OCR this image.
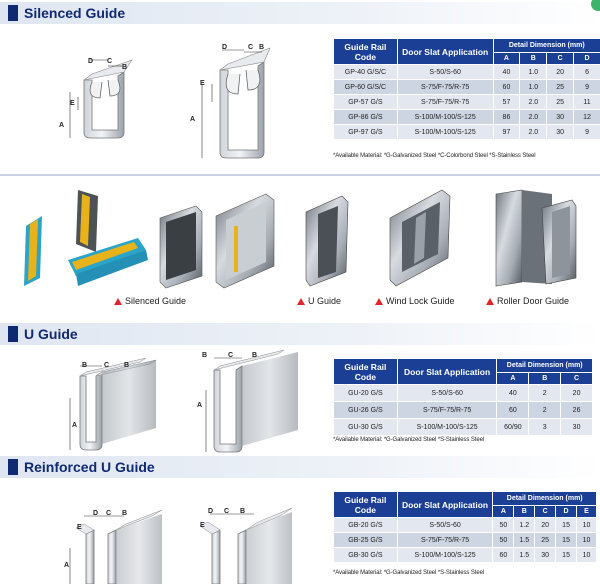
Silenced Guide
A
D C
B
E
A
D	C B
E
Guide Rail Code	Door Slat Application	Detail Dimension (mm)			
		A	B	C	D
GP-40 G/S/C	S-50/S-60	40	1.0	20	6
GP-60 G/S/C	S-75/F-75/R-75	60	1.0	25	9
GP-57 G/S	S-75/F-75/R-75	57	2.0	25	11
GP-86 G/S	S-100/M-100/S-125	86	2.0	30	12
GP-97 G/S	S-100/M-100/S-125	97	2.0	30	9
*Available Material: *G-Galvanized Steel *C-Colorbond Steel *S-Stainless Steel
Silenced Guide	U Guide	Wind Lock Guide	Roller Door Guide
U Guide
A
B C B
A
B	C	B
Guide Rail Code	Door Slat Application	Detail Dimension (mm)		
		A	B	C
GU-20 G/S	S-50/S-60	40	2	20
GU-26 G/S	S-75/F-75/R-75	60	2	26
GU-30 G/S	S-100/M-100/S-125	60/90	3	30
*Available Material: *G-Galvanized Steel *S-Stainless Steel
Reinforced U Guide
D C B
E
A
D C B
E
Guide Rail Code	Door Slat Application	Detail Dimension (mm)				
		A	B	C	D	E
GB-20 G/S	S-50/S-60	50	1.2	20	15	10
GB-25 G/S	S-75/F-75/R-75	50	1.5	25	15	10
GB-30 G/S	S-100/M-100/S-125	60	1.5	30	15	10
*Available Material: *G-Galvanized Steel *S-Stainless Steel
